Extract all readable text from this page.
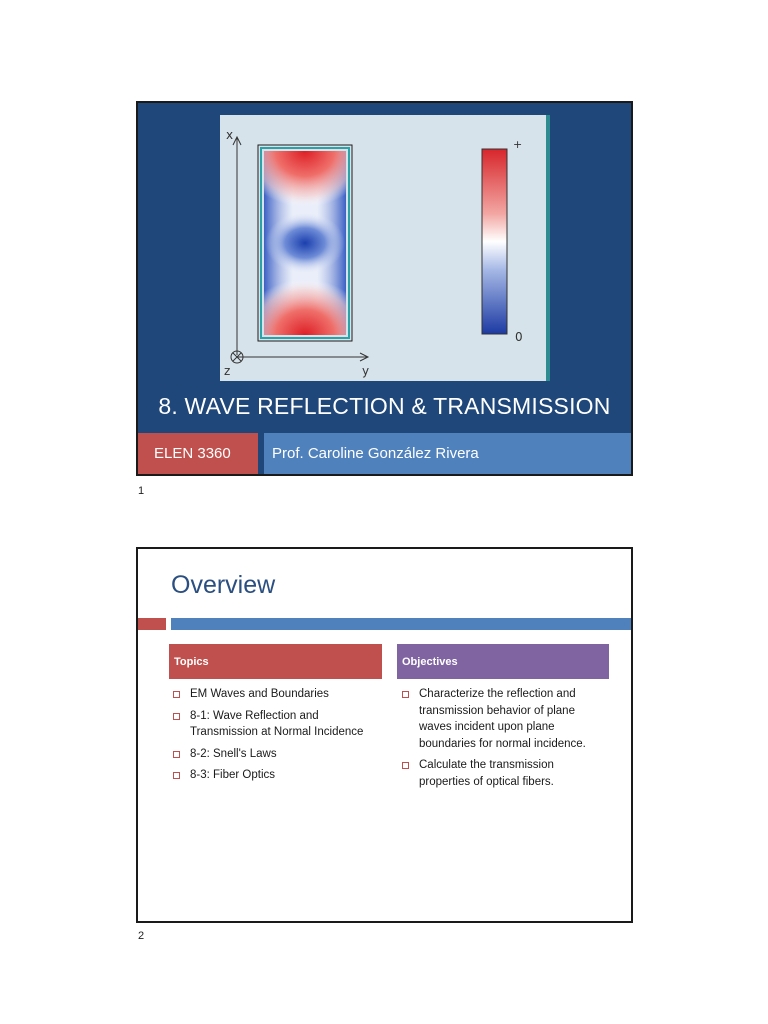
x
y
z
+
0
8. WAVE REFLECTION & TRANSMISSION
ELEN 3360	Prof. Caroline González Rivera
1
Overview
Topics	Objectives
EM Waves and Boundaries
8-1: Wave Reflection and Transmission at Normal Incidence
8-2: Snell's Laws
8-3: Fiber Optics
Characterize the reflection and transmission behavior of plane waves incident upon plane boundaries for normal incidence.
Calculate the transmission properties of optical fibers.
2
